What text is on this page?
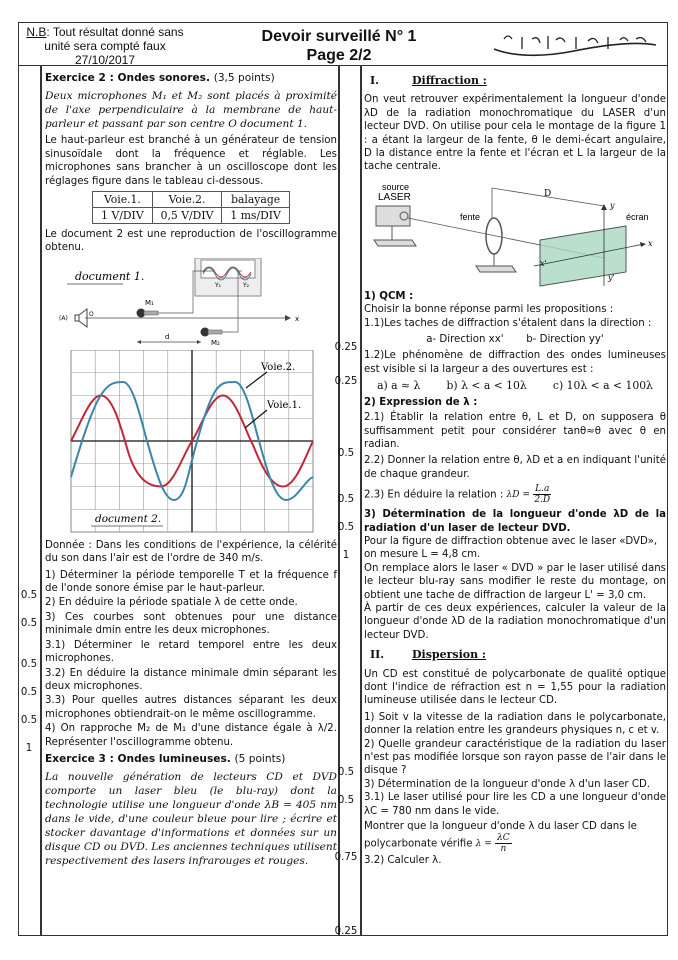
N.B: Tout résultat donné sans unité sera compté faux
27/10/2017
Devoir surveillé N° 1
Page 2/2
Exercice 2 : Ondes sonores. (3,5 points)

Deux microphones M₁ et M₂ sont placés à proximité de l'axe perpendiculaire à la membrane de haut-parleur et passant par son centre O document 1.

Le haut-parleur est branché à un générateur de tension sinusoïdale dont la fréquence et réglable. Les microphones sans brancher à un oscilloscope dont les réglages figure dans le tableau ci-dessous.

Voie.1.	Voie.2.	balayage
1 V/DIV	0,5 V/DIV	1 ms/DIV

Le document 2 est une reproduction de l'oscillogramme obtenu.

document 1.
Y₁	Y₂
x
(A)
O
M₁
M₂
d
Voie.2.
Voie.1.
document 2.

Donnée : Dans les conditions de l'expérience, la célérité du son dans l'air est de l'ordre de 340 m/s.

1) Déterminer la période temporelle T et la fréquence f de l'onde sonore émise par le haut-parleur.
2) En déduire la période spatiale λ de cette onde.
3) Ces courbes sont obtenues pour une distance minimale dmin entre les deux microphones.
3.1) Déterminer le retard temporel entre les deux microphones.
3.2) En déduire la distance minimale dmin séparant les deux microphones.
3.3) Pour quelles autres distances séparant les deux microphones obtiendrait-on le même oscillogramme.
4) On rapproche M₂ de M₁ d'une distance égale à λ/2. Représenter l'oscillogramme obtenu.
Exercice 3 : Ondes lumineuses. (5 points)

La nouvelle génération de lecteurs CD et DVD comporte un laser bleu (le blu-ray) dont la technologie utilise une longueur d'onde λB = 405 nm dans le vide, d'une couleur bleue pour lire ; écrire et stocker davantage d'informations et données sur un disque CD ou DVD. Les anciennes techniques utilisent respectivement des lasers infrarouges et rouges.

0.5
0.5
0.5
0.5
0.5
1
I.	Diffraction :

On veut retrouver expérimentalement la longueur d'onde λD de la radiation monochromatique du LASER d'un lecteur DVD. On utilise pour cela le montage de la figure 1 : a étant la largeur de la fente, θ le demi-écart angulaire, D la distance entre la fente et l'écran et L la largeur de la tache centrale.

source
LASER
fente
D
y
x
x'
y'
écran
1) QCM :
Choisir la bonne réponse parmi les propositions :
1.1)Les taches de diffraction s'étalent dans la direction :
a- Direction xx' b- Direction yy'
1.2)Le phénomène de diffraction des ondes lumineuses est visible si la largeur a des ouvertures est :
a) a ≈ λ b) λ < a < 10λ c) 10λ < a < 100λ
2) Expression de λ :
2.1) Établir la relation entre θ, L et D, on supposera θ suffisamment petit pour considérer tanθ≈θ avec θ en radian.
2.2) Donner la relation entre θ, λD et a en indiquant l'unité de chaque grandeur.
2.3) En déduire la relation : $\lambda D = \frac{L.a}{2.D}$
3) Détermination de la longueur d'onde λD de la radiation d'un laser de lecteur DVD.
Pour la figure de diffraction obtenue avec le laser «DVD», on mesure L = 4,8 cm.
On remplace alors le laser « DVD » par le laser utilisé dans le lecteur blu-ray sans modifier le reste du montage, on obtient une tache de diffraction de largeur L' = 3,0 cm.
À partir de ces deux expériences, calculer la valeur de la longueur d'onde λD de la radiation monochromatique d'un lecteur DVD.
II.	Dispersion :

Un CD est constitué de polycarbonate de qualité optique dont l'indice de réfraction est n = 1,55 pour la radiation lumineuse utilisée dans le lecteur CD.

1) Soit v la vitesse de la radiation dans le polycarbonate, donner la relation entre les grandeurs physiques n, c et v.
2) Quelle grandeur caractéristique de la radiation du laser n'est pas modifiée lorsque son rayon passe de l'air dans le disque ?
3) Détermination de la longueur d'onde λ d'un laser CD.
3.1) Le laser utilisé pour lire les CD a une longueur d'onde λC = 780 nm dans le vide.
Montrer que la longueur d'onde λ du laser CD dans le polycarbonate vérifie $\lambda = \frac{\lambda C}{n}$
3.2) Calculer λ.
0.25
0.25
0.5
0.5
0.5
1
0.5
0.5
0.75
0.25
